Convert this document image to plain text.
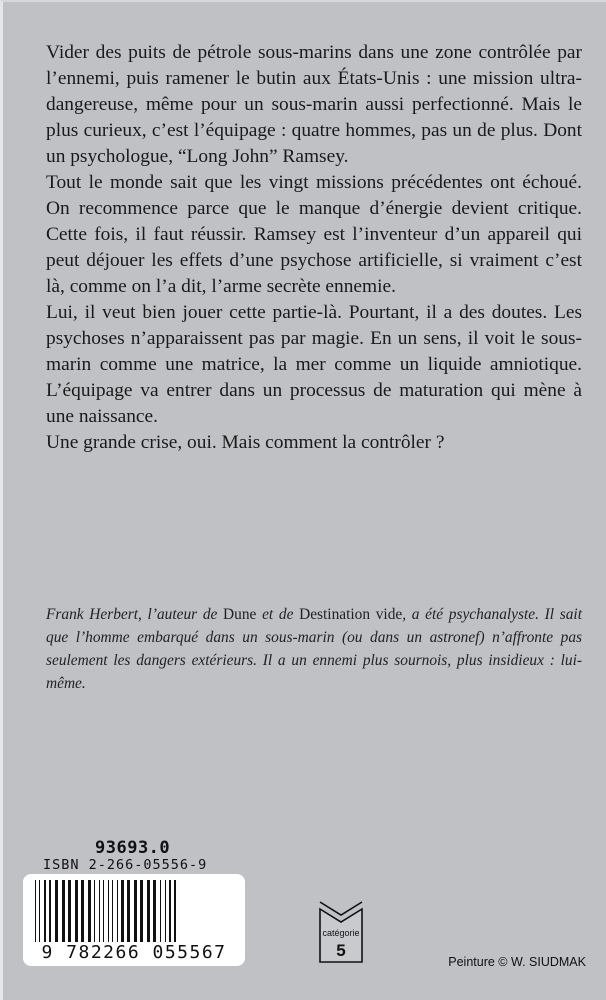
Vider des puits de pétrole sous-marins dans une zone contrôlée par l’ennemi, puis ramener le butin aux États-Unis : une mission ultra-dangereuse, même pour un sous-marin aussi perfectionné. Mais le plus curieux, c’est l’équipage : quatre hommes, pas un de plus. Dont un psychologue, “Long John” Ramsey.

Tout le monde sait que les vingt missions précédentes ont échoué. On recommence parce que le manque d’énergie devient critique. Cette fois, il faut réussir. Ramsey est l’inventeur d’un appareil qui peut déjouer les effets d’une psychose artificielle, si vraiment c’est là, comme on l’a dit, l’arme secrète ennemie.

Lui, il veut bien jouer cette partie-là. Pourtant, il a des doutes. Les psychoses n’apparaissent pas par magie. En un sens, il voit le sous-marin comme une matrice, la mer comme un liquide amniotique. L’équipage va entrer dans un processus de maturation qui mène à une naissance.

Une grande crise, oui. Mais comment la contrôler ?

Frank Herbert, l’auteur de Dune et de Destination vide, a été psychanalyste. Il sait que l’homme embarqué dans un sous-marin (ou dans un astronef) n’affronte pas seulement les dangers extérieurs. Il a un ennemi plus sournois, plus insidieux : lui-même.

93693.0
ISBN 2-266-05556-9
9 782266 055567
catégorie
5
Peinture © W. SIUDMAK
